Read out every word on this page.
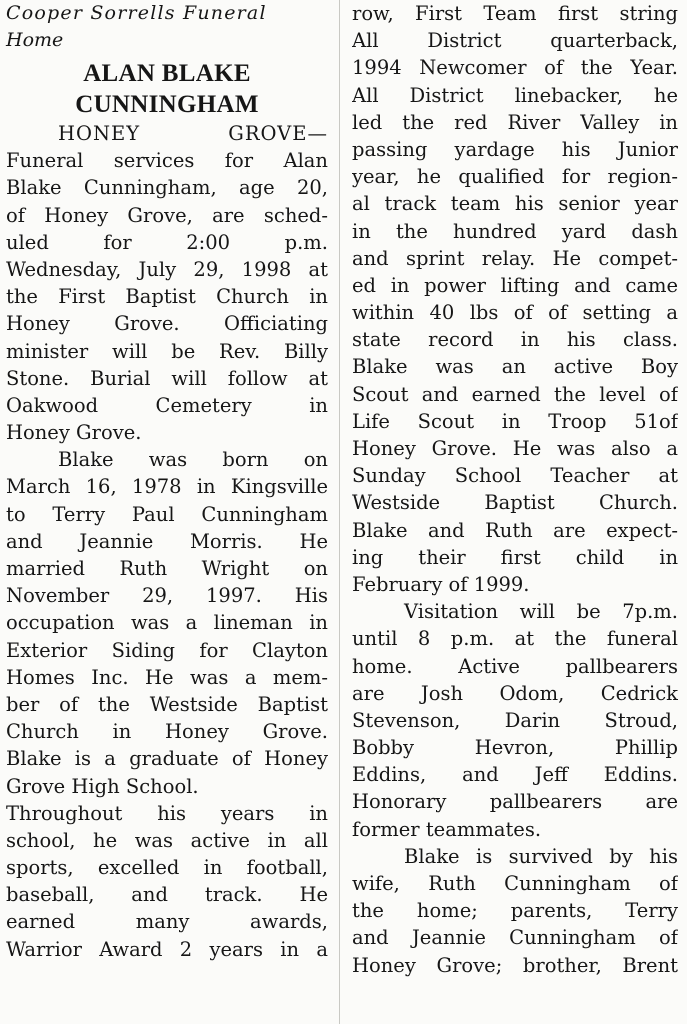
Cooper Sorrells Funeral
Home
ALAN BLAKE
CUNNINGHAM
HONEY GROVE—
Funeral services for Alan
Blake Cunningham, age 20,
of Honey Grove, are sched-
uled for 2:00 p.m.
Wednesday, July 29, 1998 at
the First Baptist Church in
Honey Grove. Officiating
minister will be Rev. Billy
Stone. Burial will follow at
Oakwood Cemetery in
Honey Grove.
Blake was born on
March 16, 1978 in Kingsville
to Terry Paul Cunningham
and Jeannie Morris. He
married Ruth Wright on
November 29, 1997. His
occupation was a lineman in
Exterior Siding for Clayton
Homes Inc. He was a mem-
ber of the Westside Baptist
Church in Honey Grove.
Blake is a graduate of Honey
Grove High School.
Throughout his years in
school, he was active in all
sports, excelled in football,
baseball, and track. He
earned many awards,
Warrior Award 2 years in a
row, First Team first string
All District quarterback,
1994 Newcomer of the Year.
All District linebacker, he
led the red River Valley in
passing yardage his Junior
year, he qualified for region-
al track team his senior year
in the hundred yard dash
and sprint relay. He compet-
ed in power lifting and came
within 40 lbs of of setting a
state record in his class.
Blake was an active Boy
Scout and earned the level of
Life Scout in Troop 51of
Honey Grove. He was also a
Sunday School Teacher at
Westside Baptist Church.
Blake and Ruth are expect-
ing their first child in
February of 1999.
Visitation will be 7p.m.
until 8 p.m. at the funeral
home. Active pallbearers
are Josh Odom, Cedrick
Stevenson, Darin Stroud,
Bobby Hevron, Phillip
Eddins, and Jeff Eddins.
Honorary pallbearers are
former teammates.
Blake is survived by his
wife, Ruth Cunningham of
the home; parents, Terry
and Jeannie Cunningham of
Honey Grove; brother, Brent
